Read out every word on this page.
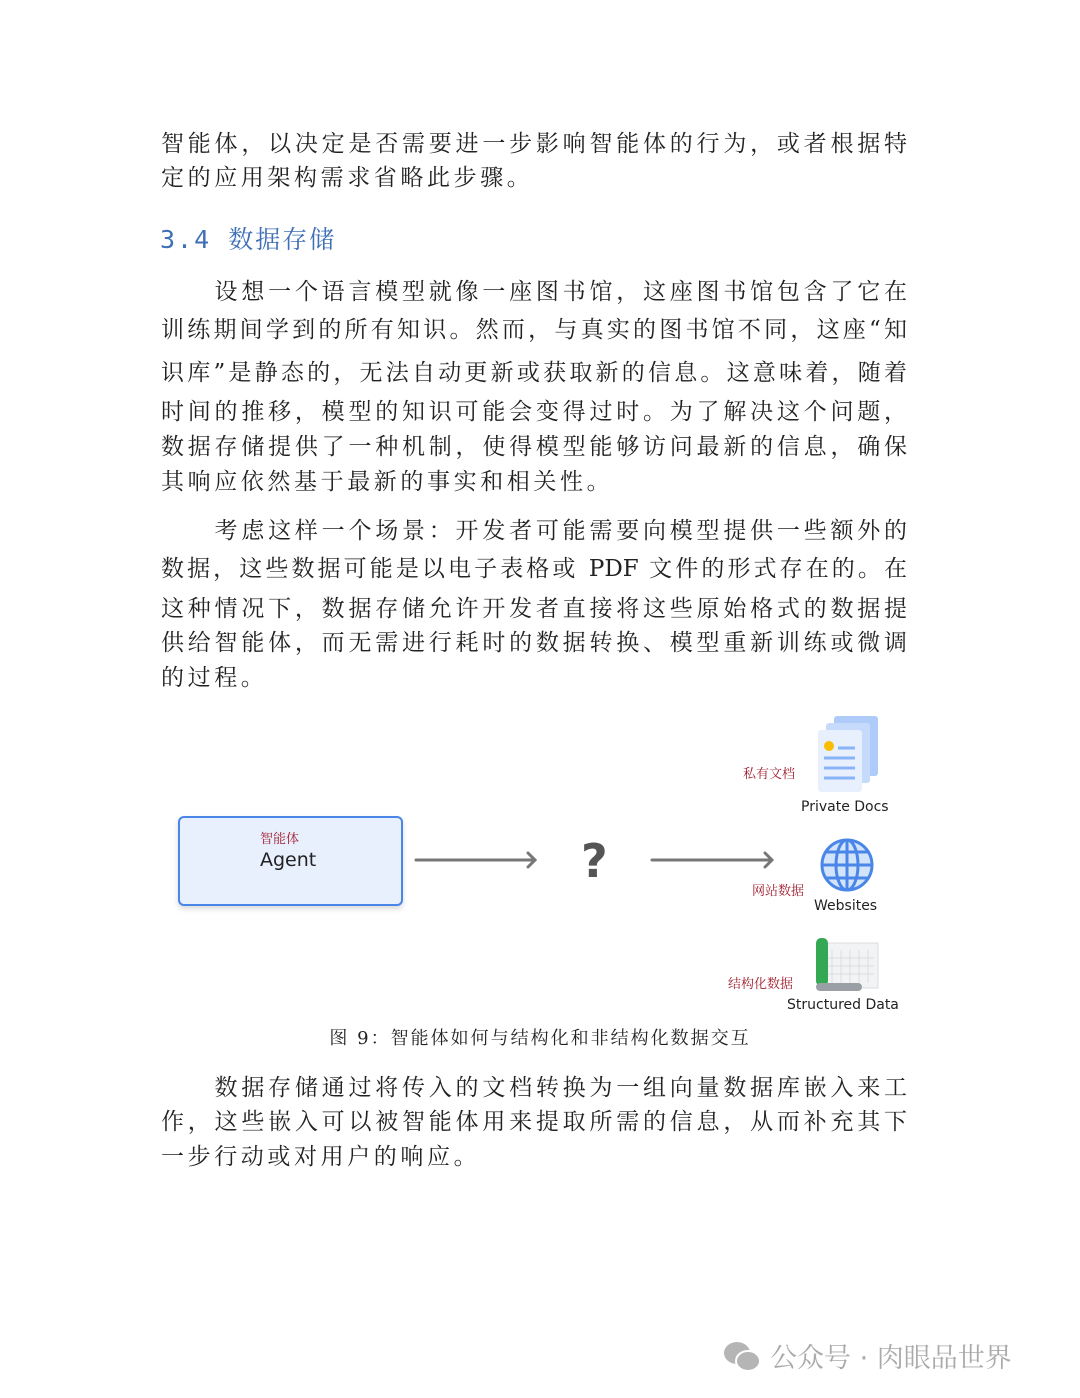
智能体，以决定是否需要进一步影响智能体的行为，或者根据特
定的应用架构需求省略此步骤。
3.4 数据存储
　　设想一个语言模型就像一座图书馆，这座图书馆包含了它在
训练期间学到的所有知识。然而，与真实的图书馆不同，这座“知
识库”是静态的，无法自动更新或获取新的信息。这意味着，随着
时间的推移，模型的知识可能会变得过时。为了解决这个问题，
数据存储提供了一种机制，使得模型能够访问最新的信息，确保
其响应依然基于最新的事实和相关性。
　　考虑这样一个场景：开发者可能需要向模型提供一些额外的
数据，这些数据可能是以电子表格或 PDF 文件的形式存在的。在
这种情况下，数据存储允许开发者直接将这些原始格式的数据提
供给智能体，而无需进行耗时的数据转换、模型重新训练或微调
的过程。
智能体
Agent	?
私有文档
Private Docs
网站数据
Websites
结构化数据
Structured Data
图 9：智能体如何与结构化和非结构化数据交互
　　数据存储通过将传入的文档转换为一组向量数据库嵌入来工
作，这些嵌入可以被智能体用来提取所需的信息，从而补充其下
一步行动或对用户的响应。
公众号 · 肉眼品世界
